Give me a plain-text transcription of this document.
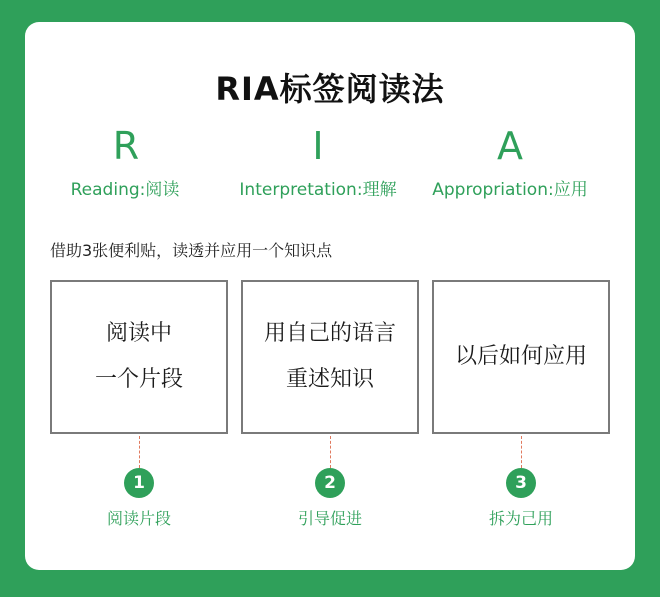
RIA标签阅读法
R	I	A
Reading:阅读	Interpretation:理解	Appropriation:应用
借助3张便利贴，读透并应用一个知识点
阅读中
一个片段
用自己的语言
重述知识
以后如何应用
1	2	3
阅读片段	引导促进	拆为己用
